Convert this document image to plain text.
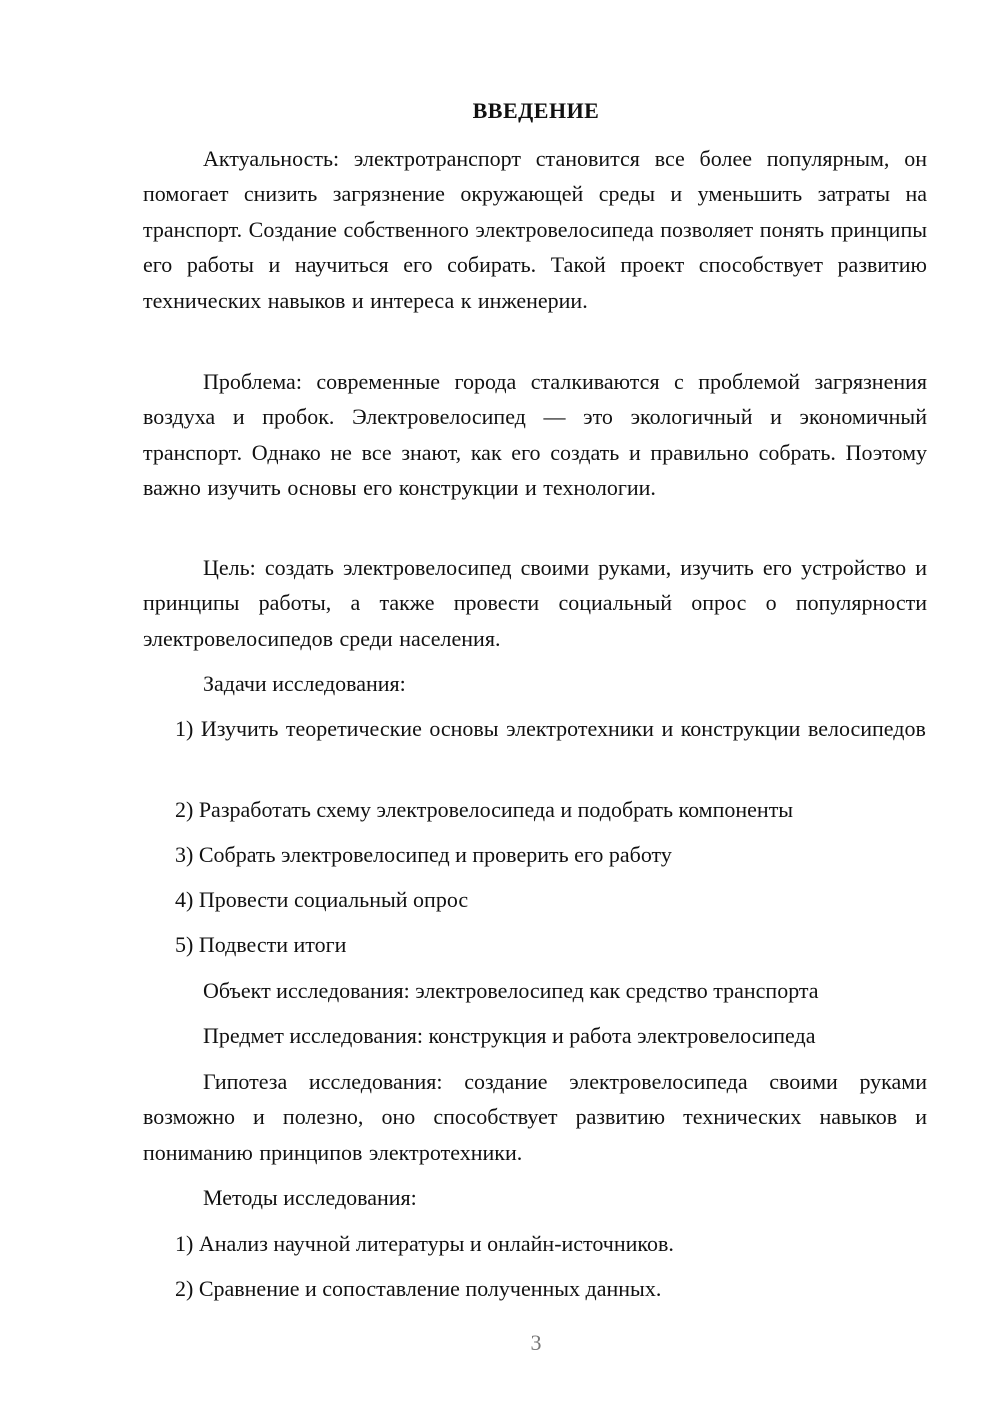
ВВЕДЕНИЕ

Актуальность: электротранспорт становится все более популярным, он помогает снизить загрязнение окружающей среды и уменьшить затраты на транспорт. Создание собственного электровелосипеда позволяет понять принципы его работы и научиться его собирать. Такой проект способствует развитию технических навыков и интереса к инженерии.

Проблема: современные города сталкиваются с проблемой загрязнения воздуха и пробок. Электровелосипед — это экологичный и экономичный транспорт. Однако не все знают, как его создать и правильно собрать. Поэтому важно изучить основы его конструкции и технологии.

Цель: создать электровелосипед своими руками, изучить его устройство и принципы работы, а также провести социальный опрос о популярности электровелосипедов среди населения.

Задачи исследования:

1) Изучить теоретические основы электротехники и конструкции велосипедов

2) Разработать схему электровелосипеда и подобрать компоненты

3) Собрать электровелосипед и проверить его работу

4) Провести социальный опрос

5) Подвести итоги

Объект исследования: электровелосипед как средство транспорта

Предмет исследования: конструкция и работа электровелосипеда

Гипотеза исследования: создание электровелосипеда своими руками возможно и полезно, оно способствует развитию технических навыков и пониманию принципов электротехники.

Методы исследования:

1) Анализ научной литературы и онлайн-источников.

2) Сравнение и сопоставление полученных данных.

3
